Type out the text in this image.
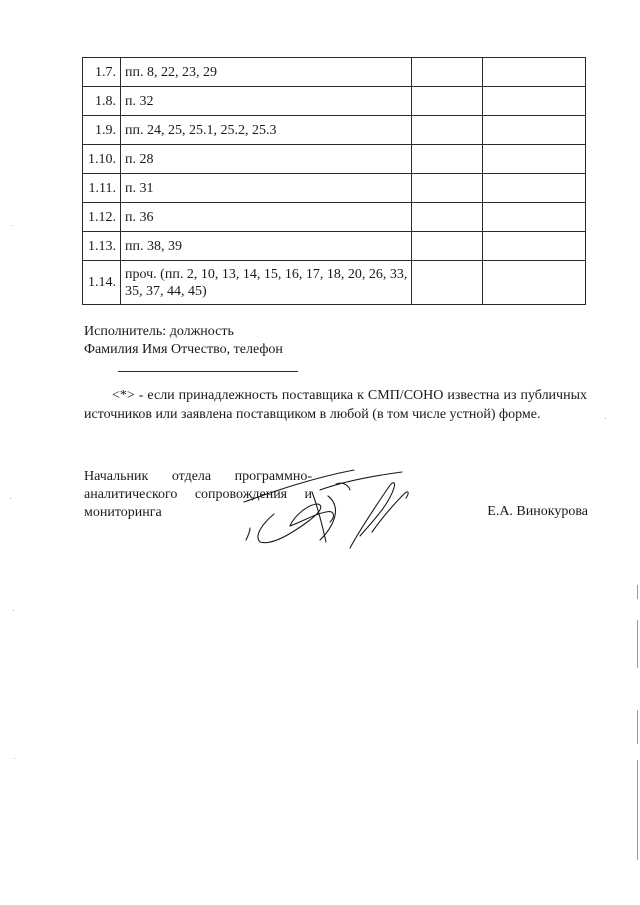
1.7.	пп. 8, 22, 23, 29		
1.8.	п. 32		
1.9.	пп. 24, 25, 25.1, 25.2, 25.3		
1.10.	п. 28		
1.11.	п. 31		
1.12.	п. 36		
1.13.	пп. 38, 39		
1.14.	проч. (пп. 2, 10, 13, 14, 15, 16, 17, 18, 20, 26, 33, 35, 37, 44, 45)		
Исполнитель: должность
Фамилия Имя Отчество, телефон
<*> - если принадлежность поставщика к СМП/СОНО известна из публичных источников или заявлена поставщиком в любой (в том числе устной) форме.
Начальник отдела программно-аналитического сопровождения и мониторинга	Е.А. Винокурова
